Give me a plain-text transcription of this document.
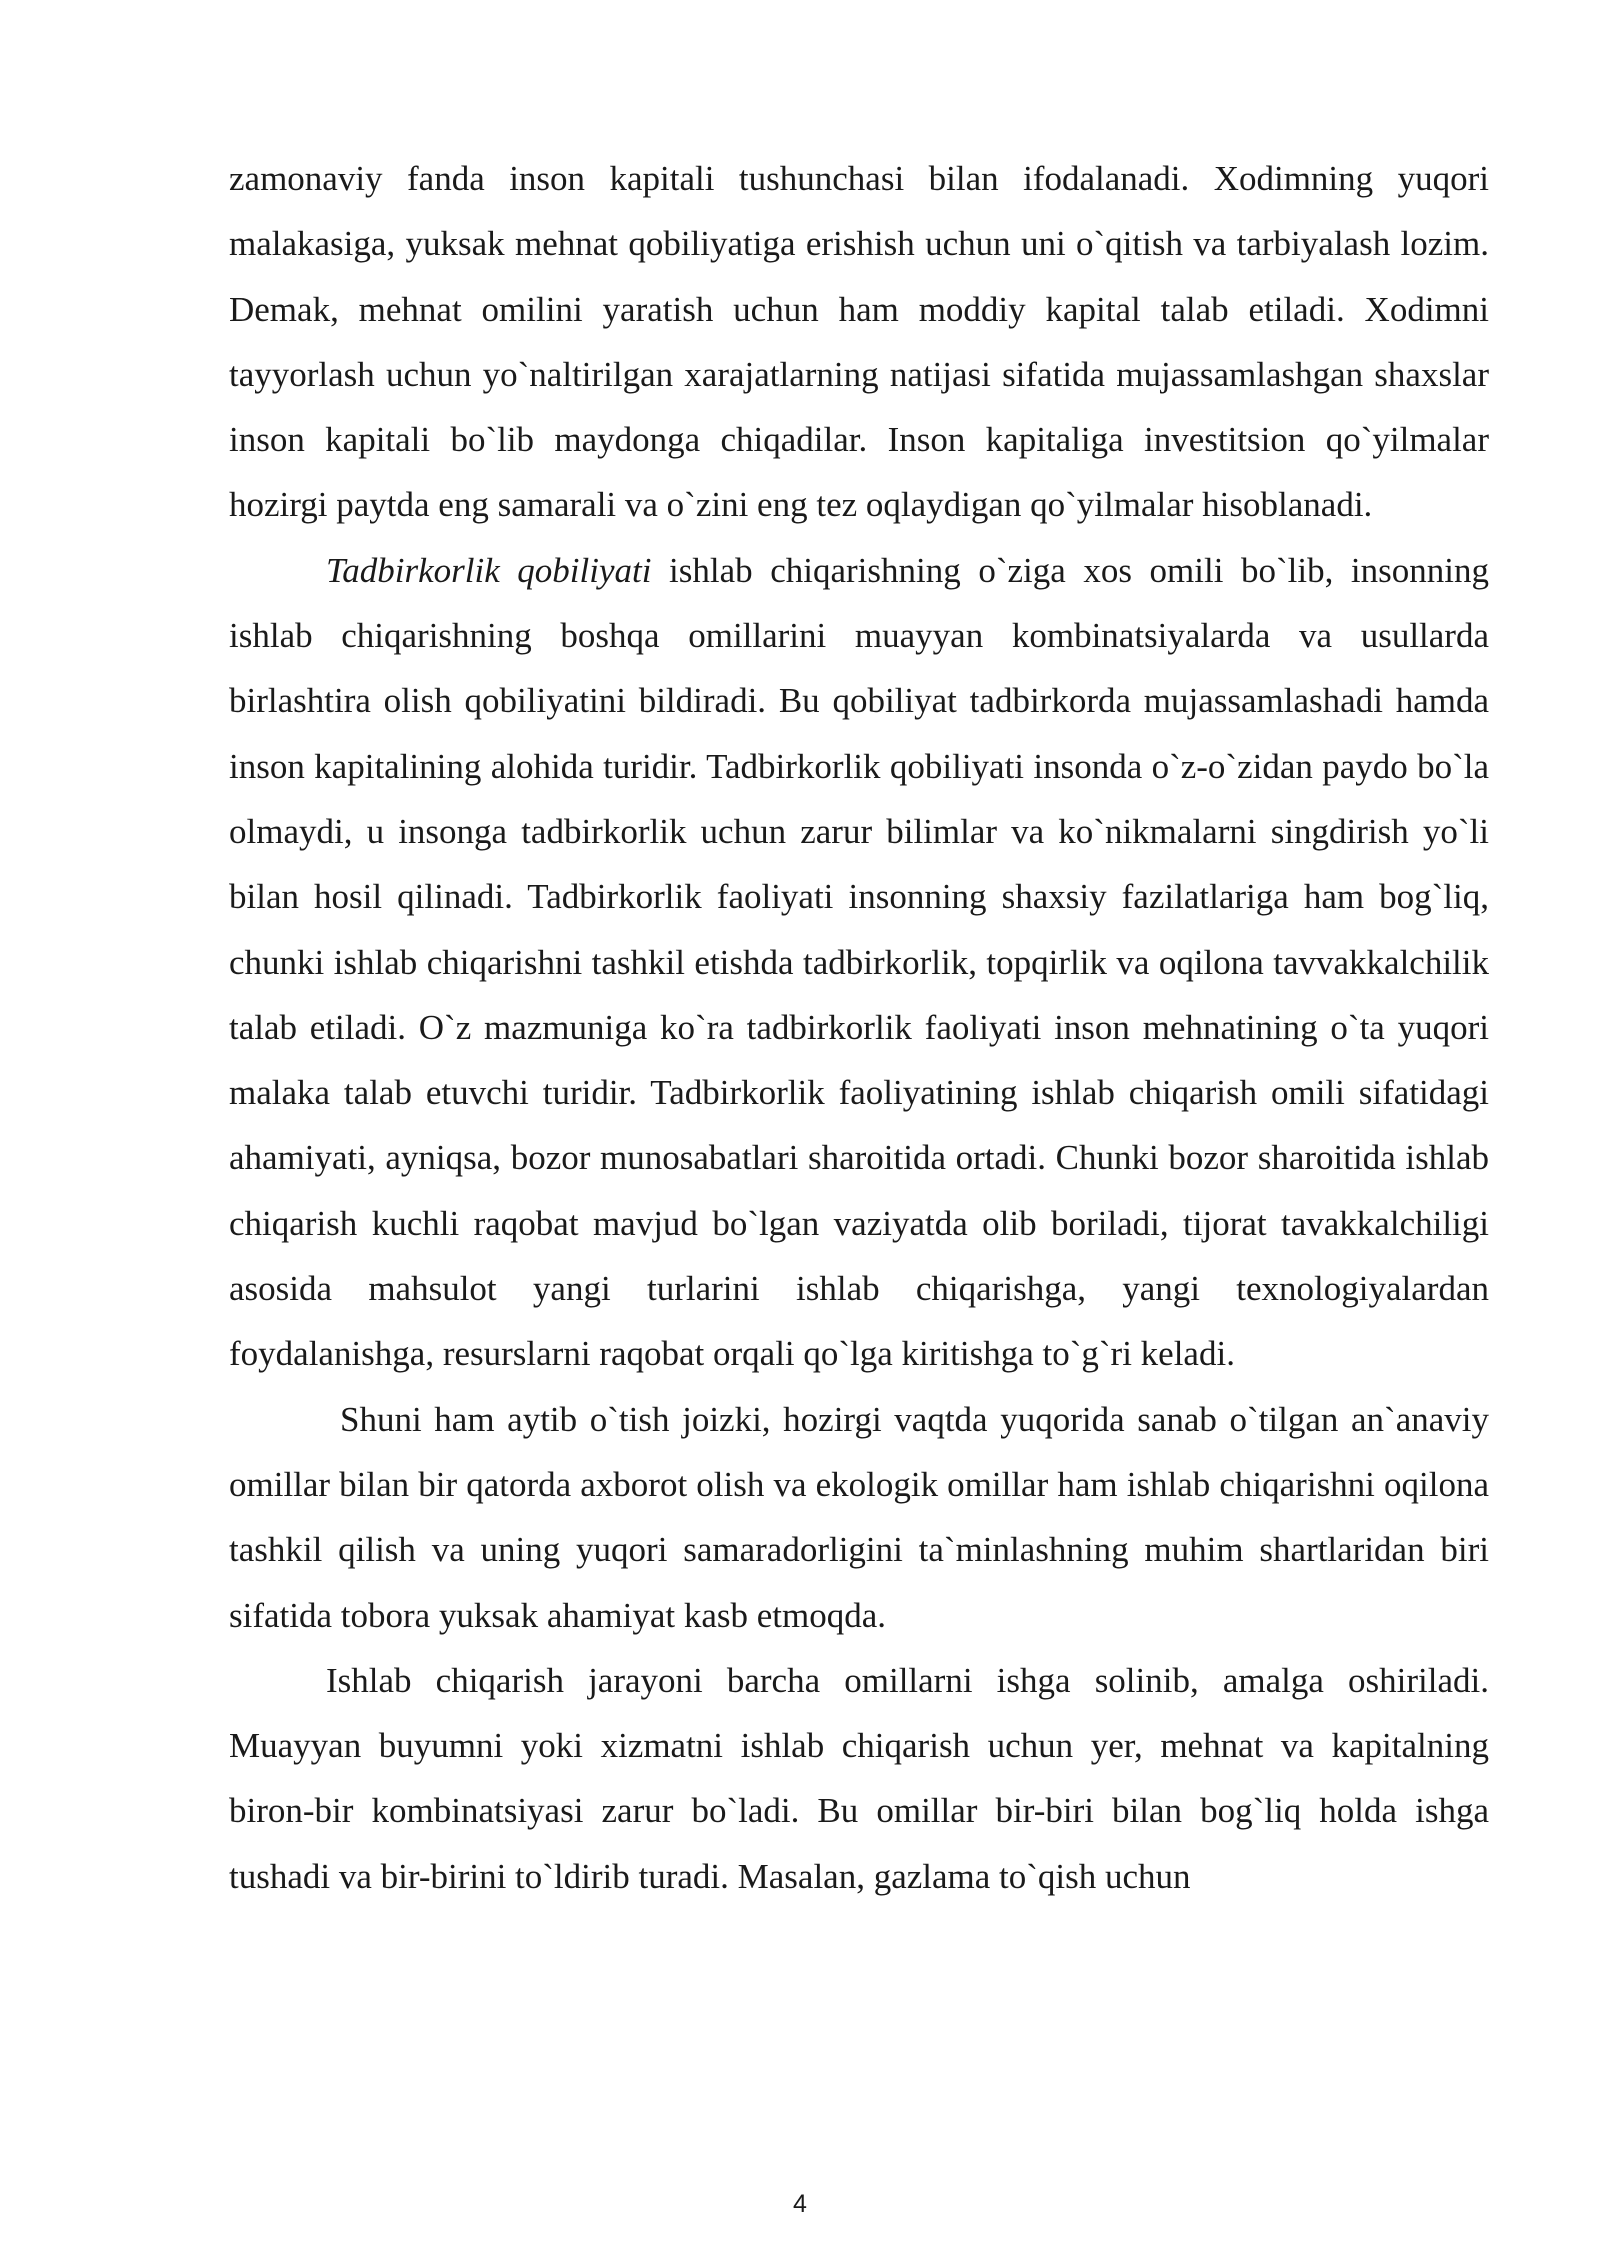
zamonaviy fanda inson kapitali tushunchasi bilan ifodalanadi. Xodimning yuqori malakasiga, yuksak mehnat qobiliyatiga erishish uchun uni o`qitish va tarbiyalash lozim. Demak, mehnat omilini yaratish uchun ham moddiy kapital talab etiladi. Xodimni tayyorlash uchun yo`naltirilgan xarajatlarning natijasi sifatida mujassamlashgan shaxslar inson kapitali bo`lib maydonga chiqadilar. Inson kapitaliga investitsion qo`yilmalar hozirgi paytda eng samarali va o`zini eng tez oqlaydigan qo`yilmalar hisoblanadi.

Tadbirkorlik qobiliyati ishlab chiqarishning o`ziga xos omili bo`lib, insonning ishlab chiqarishning boshqa omillarini muayyan kombinatsiyalarda va usullarda birlashtira olish qobiliyatini bildiradi. Bu qobiliyat tadbirkorda mujassamlashadi hamda inson kapitalining alohida turidir. Tadbirkorlik qobiliyati insonda o`z-o`zidan paydo bo`la olmaydi, u insonga tadbirkorlik uchun zarur bilimlar va ko`nikmalarni singdirish yo`li bilan hosil qilinadi. Tadbirkorlik faoliyati insonning shaxsiy fazilatlariga ham bog`liq, chunki ishlab chiqarishni tashkil etishda tadbirkorlik, topqirlik va oqilona tavvakkalchilik talab etiladi. O`z mazmuniga ko`ra tadbirkorlik faoliyati inson mehnatining o`ta yuqori malaka talab etuvchi turidir. Tadbirkorlik faoliyatining ishlab chiqarish omili sifatidagi ahamiyati, ayniqsa, bozor munosabatlari sharoitida ortadi. Chunki bozor sharoitida ishlab chiqarish kuchli raqobat mavjud bo`lgan vaziyatda olib boriladi, tijorat tavakkalchiligi asosida mahsulot yangi turlarini ishlab chiqarishga, yangi texnologiyalardan foydalanishga, resurslarni raqobat orqali qo`lga kiritishga to`g`ri keladi.

Shuni ham aytib o`tish joizki, hozirgi vaqtda yuqorida sanab o`tilgan an`anaviy omillar bilan bir qatorda axborot olish va ekologik omillar ham ishlab chiqarishni oqilona tashkil qilish va uning yuqori samaradorligini ta`minlashning muhim shartlaridan biri sifatida tobora yuksak ahamiyat kasb etmoqda.

Ishlab chiqarish jarayoni barcha omillarni ishga solinib, amalga oshiriladi. Muayyan buyumni yoki xizmatni ishlab chiqarish uchun yer, mehnat va kapitalning biron-bir kombinatsiyasi zarur bo`ladi. Bu omillar bir-biri bilan bog`liq holda ishga tushadi va bir-birini to`ldirib turadi. Masalan, gazlama to`qish uchun

4
